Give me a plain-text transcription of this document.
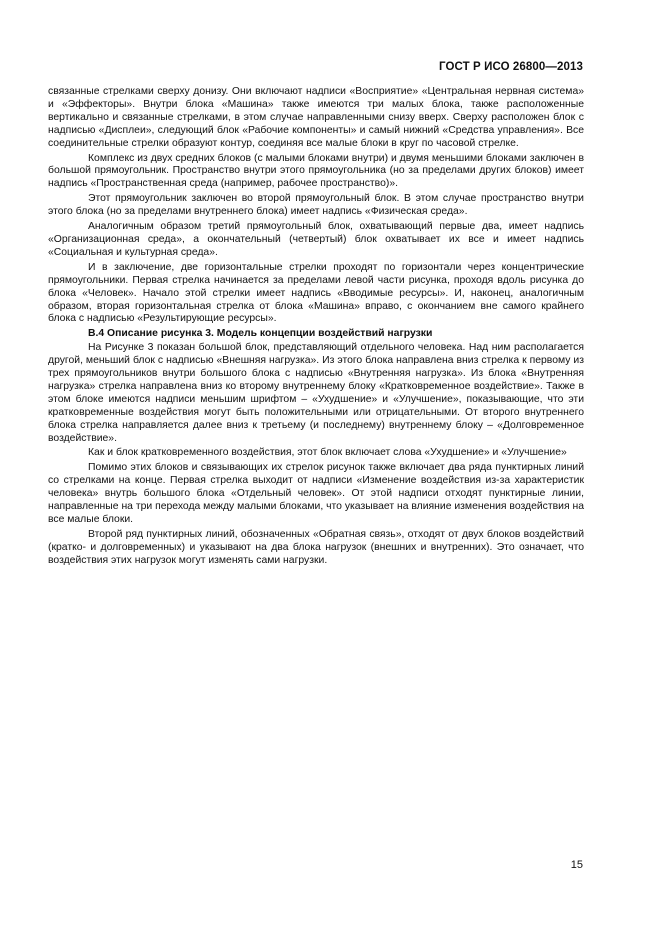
ГОСТ Р ИСО 26800—2013

связанные стрелками сверху донизу. Они включают надписи «Восприятие» «Центральная нервная система» и «Эффекторы». Внутри блока «Машина» также имеются три малых блока, также расположенные вертикально и связанные стрелками, в этом случае направленными снизу вверх. Сверху расположен блок с надписью «Дисплеи», следующий блок «Рабочие компоненты» и самый нижний «Средства управления». Все соединительные стрелки образуют контур, соединяя все малые блоки в круг по часовой стрелке.

Комплекс из двух средних блоков (с малыми блоками внутри) и двумя меньшими блоками заключен в большой прямоугольник. Пространство внутри этого прямоугольника (но за пределами других блоков) имеет надпись «Пространственная среда (например, рабочее пространство)».

Этот прямоугольник заключен во второй прямоугольный блок. В этом случае пространство внутри этого блока (но за пределами внутреннего блока) имеет надпись «Физическая среда».

Аналогичным образом третий прямоугольный блок, охватывающий первые два, имеет надпись «Организационная среда», а окончательный (четвертый) блок охватывает их все и имеет надпись «Социальная и культурная среда».

И в заключение, две горизонтальные стрелки проходят по горизонтали через концентрические прямоугольники. Первая стрелка начинается за пределами левой части рисунка, проходя вдоль рисунка до блока «Человек». Начало этой стрелки имеет надпись «Вводимые ресурсы». И, наконец, аналогичным образом, вторая горизонтальная стрелка от блока «Машина» вправо, с окончанием вне самого крайнего блока с надписью «Результирующие ресурсы».

В.4 Описание рисунка 3. Модель концепции воздействий нагрузки

На Рисунке 3 показан большой блок, представляющий отдельного человека. Над ним располагается другой, меньший блок с надписью «Внешняя нагрузка». Из этого блока направлена вниз стрелка к первому из трех прямоугольников внутри большого блока с надписью «Внутренняя нагрузка». Из блока «Внутренняя нагрузка» стрелка направлена вниз ко второму внутреннему блоку «Кратковременное воздействие». Также в этом блоке имеются надписи меньшим шрифтом – «Ухудшение» и «Улучшение», показывающие, что эти кратковременные воздействия могут быть положительными или отрицательными. От второго внутреннего блока стрелка направляется далее вниз к третьему (и последнему) внутреннему блоку – «Долговременное воздействие».

Как и блок кратковременного воздействия, этот блок включает слова «Ухудшение» и «Улучшение»

Помимо этих блоков и связывающих их стрелок рисунок также включает два ряда пунктирных линий со стрелками на конце. Первая стрелка выходит от надписи «Изменение воздействия из-за характеристик человека» внутрь большого блока «Отдельный человек». От этой надписи отходят пунктирные линии, направленные на три перехода между малыми блоками, что указывает на влияние изменения воздействия на все малые блоки.

Второй ряд пунктирных линий, обозначенных «Обратная связь», отходят от двух блоков воздействий (кратко- и долговременных) и указывают на два блока нагрузок (внешних и внутренних). Это означает, что воздействия этих нагрузок могут изменять сами нагрузки.

15
